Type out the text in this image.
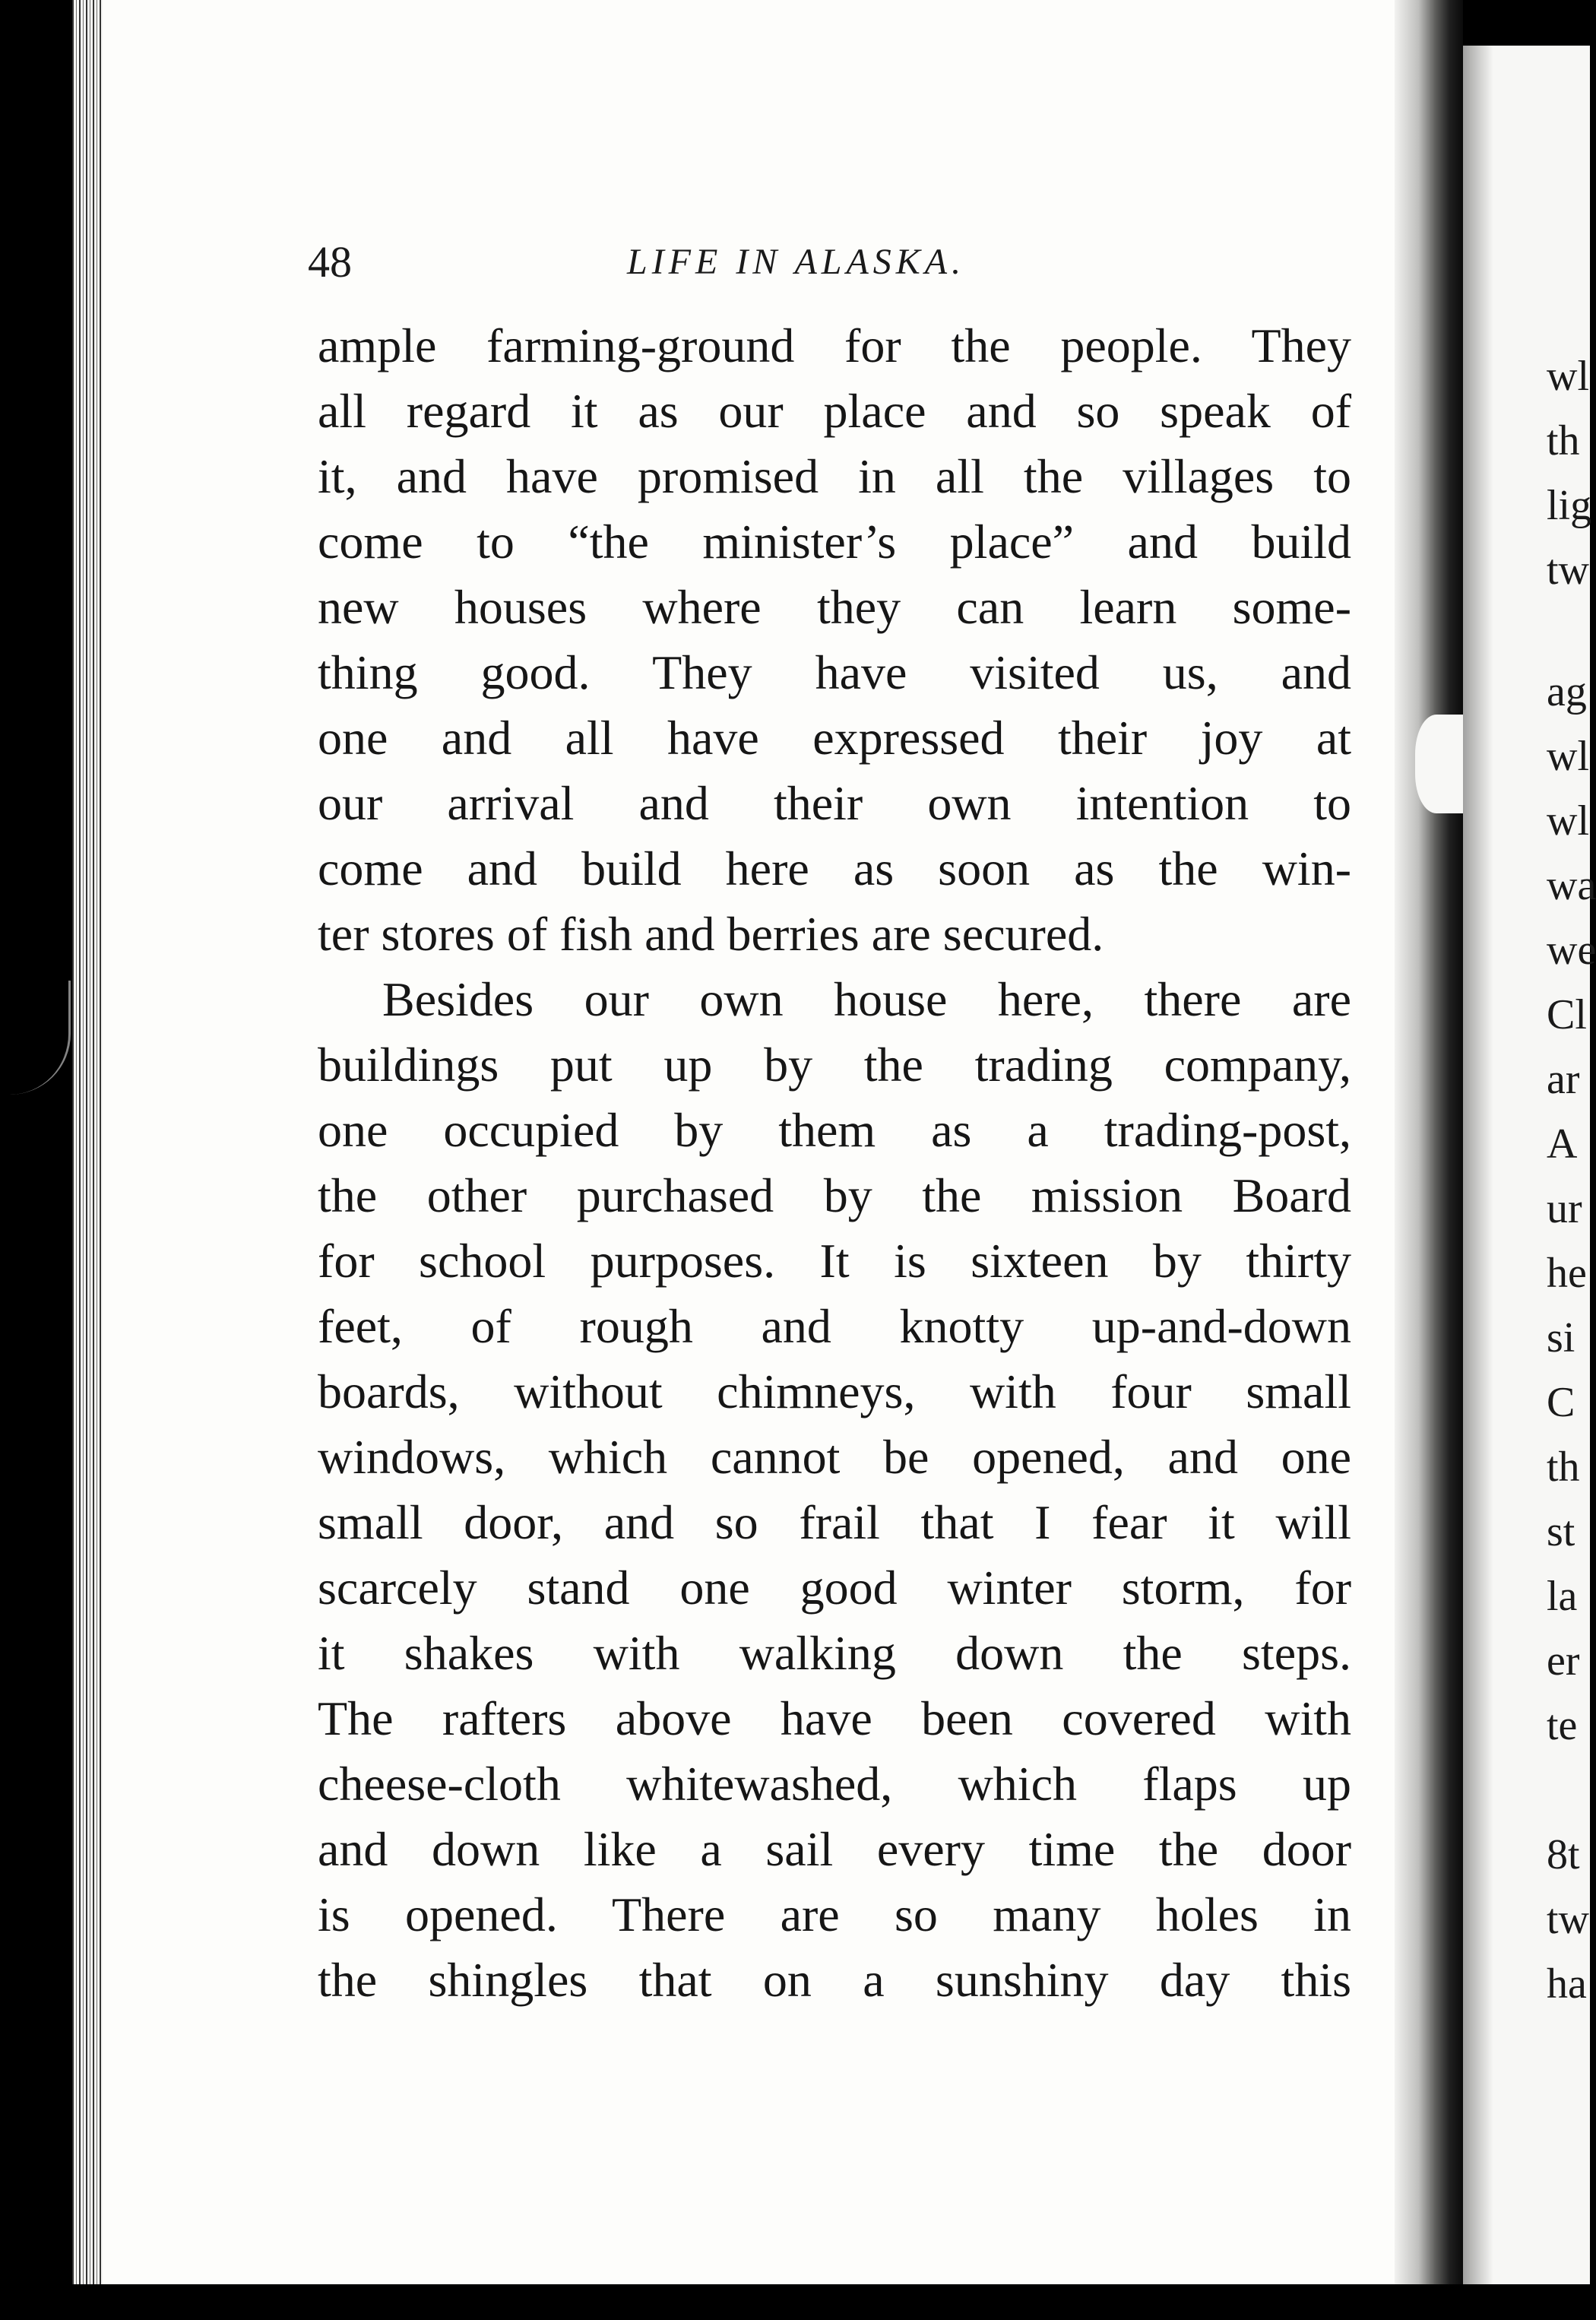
48	LIFE IN ALASKA.
ample farming-ground for the people. They
all regard it as our place and so speak of
it, and have promised in all the villages to
come to “the minister’s place” and build
new houses where they can learn some-
thing good. They have visited us, and
one and all have expressed their joy at
our arrival and their own intention to
come and build here as soon as the win-
ter stores of fish and berries are secured.
Besides our own house here, there are
buildings put up by the trading company,
one occupied by them as a trading-post,
the other purchased by the mission Board
for school purposes. It is sixteen by thirty
feet, of rough and knotty up-and-down
boards, without chimneys, with four small
windows, which cannot be opened, and one
small door, and so frail that I fear it will
scarcely stand one good winter storm, for
it shakes with walking down the steps.
The rafters above have been covered with
cheese-cloth whitewashed, which flaps up
and down like a sail every time the door
is opened. There are so many holes in
the shingles that on a sunshiny day this
wl
th
lig
tw
ag
wl
wl
wa
we
Cl
ar
A
ur
he
si
C
th
st
la
er
te
8t
tw
ha
